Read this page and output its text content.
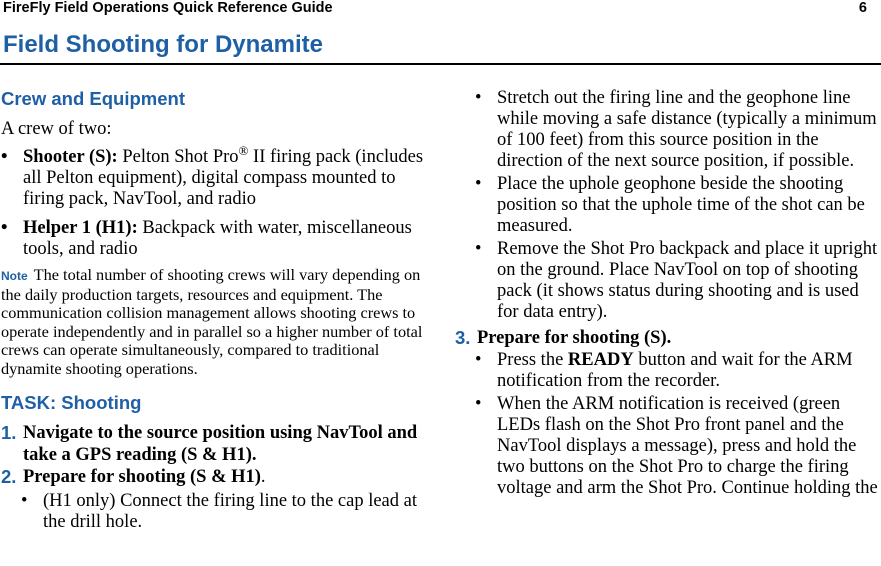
FireFly Field Operations Quick Reference Guide	6
Field Shooting for Dynamite
Crew and Equipment

A crew of two:

• Shooter (S): Pelton Shot Pro® II firing pack (includes all Pelton equipment), digital compass mounted to firing pack, NavTool, and radio
• Helper 1 (H1): Backpack with water, miscellaneous tools, and radio

Note The total number of shooting crews will vary depending on the daily production targets, resources and equipment. The communication collision management allows shooting crews to operate independently and in parallel so a higher number of total crews can operate simultaneously, compared to traditional dynamite shooting operations.

TASK: Shooting
1. Navigate to the source position using NavTool and take a GPS reading (S & H1).
2. Prepare for shooting (S & H1).
• (H1 only) Connect the firing line to the cap lead at the drill hole.
• Stretch out the firing line and the geophone line while moving a safe distance (typically a minimum of 100 feet) from this source position in the direction of the next source position, if possible.
• Place the uphole geophone beside the shooting position so that the uphole time of the shot can be measured.
• Remove the Shot Pro backpack and place it upright on the ground. Place NavTool on top of shooting pack (it shows status during shooting and is used for data entry).
3. Prepare for shooting (S).
• Press the READY button and wait for the ARM notification from the recorder.
• When the ARM notification is received (green LEDs flash on the Shot Pro front panel and the NavTool displays a message), press and hold the two buttons on the Shot Pro to charge the firing voltage and arm the Shot Pro. Continue holding the
